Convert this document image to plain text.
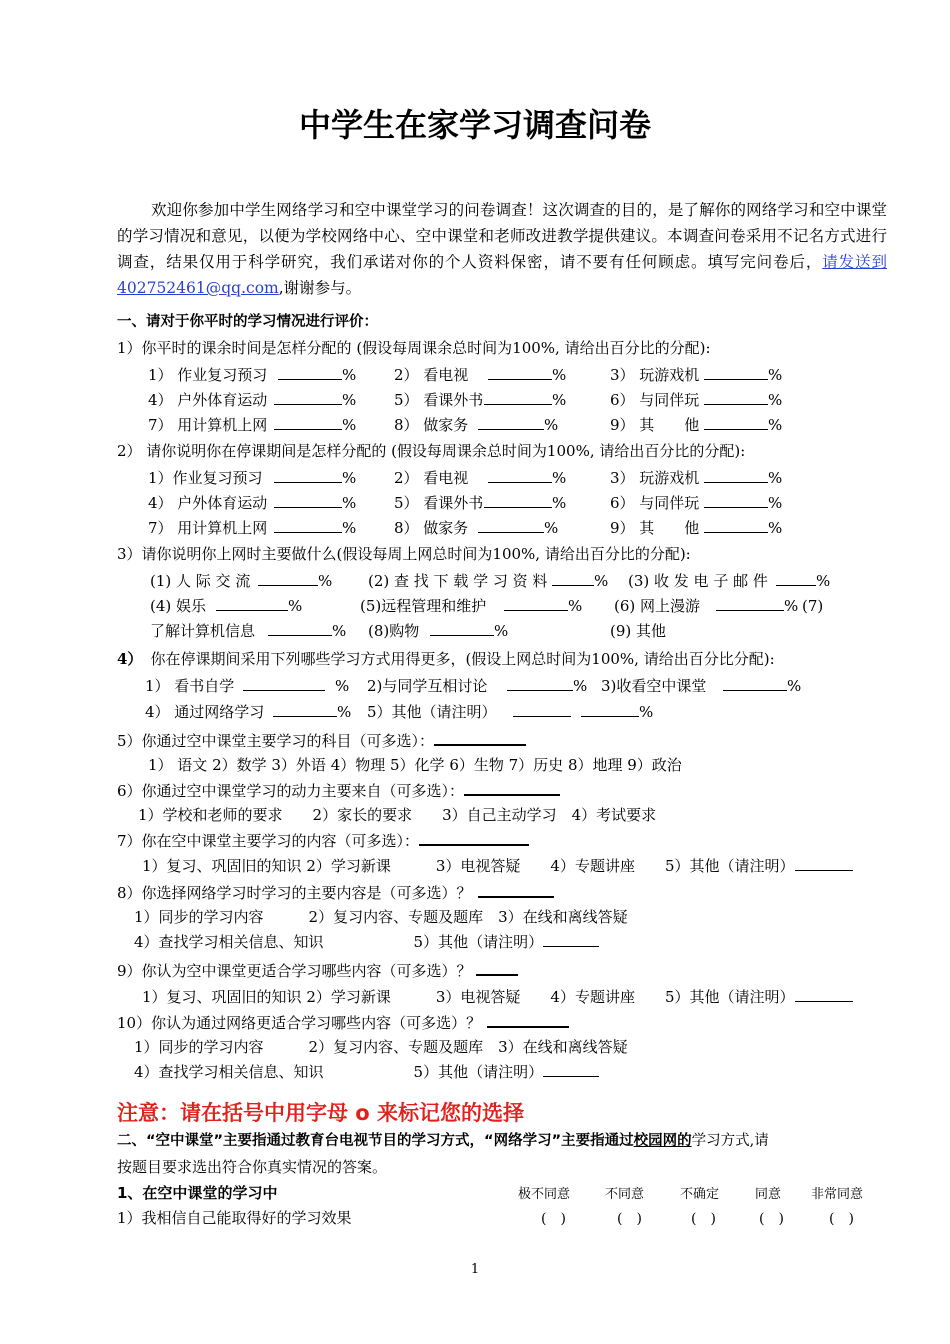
中学生在家学习调查问卷
欢迎你参加中学生网络学习和空中课堂学习的问卷调查！这次调查的目的，是了解你的网络学习和空中课堂的学习情况和意见，以便为学校网络中心、空中课堂和老师改进教学提供建议。本调查问卷采用不记名方式进行调查，结果仅用于科学研究，我们承诺对你的个人资料保密，请不要有任何顾虑。填写完问卷后，请发送到402752461@qq.com,谢谢参与。
一、请对于你平时的学习情况进行评价：
1）你平时的课余时间是怎样分配的 (假设每周课余总时间为100%, 请给出百分比的分配):
1） 作业复习预习	%	2） 看电视	%	3） 玩游戏机	%
4） 户外体育运动	%	5） 看课外书	%	6） 与同伴玩	%
7） 用计算机上网	%	8） 做家务	%	9） 其　　他	%
2） 请你说明你在停课期间是怎样分配的 (假设每周课余总时间为100%, 请给出百分比的分配):
1）作业复习预习	%	2） 看电视	%	3） 玩游戏机	%
4） 户外体育运动	%	5） 看课外书	%	6） 与同伴玩	%
7） 用计算机上网	%	8） 做家务	%	9） 其　　他	%
3）请你说明你上网时主要做什么(假设每周上网总时间为100%, 请给出百分比的分配):
(1) 人 际 交 流	% (2) 查 找 下 载 学 习 资 料	% (3) 收 发 电 子 邮 件	%
(4) 娱乐	%	(5)远程管理和维护	% (6) 网上漫游	% (7)
了解计算机信息	% (8)购物	%	(9) 其他
4） 你在停课期间采用下列哪些学习方式用得更多，(假设上网总时间为100%, 请给出百分比分配):
1） 看书自学	% 2)与同学互相讨论	% 3)收看空中课堂	%
4） 通过网络学习	% 5）其他（请注明）	%
5）你通过空中课堂主要学习的科目（可多选）：
1） 语文 2）数学 3）外语 4）物理 5）化学 6）生物 7）历史 8）地理 9）政治
6）你通过空中课堂学习的动力主要来自（可多选）：
1）学校和老师的要求　　2）家长的要求　　3）自己主动学习　4）考试要求
7）你在空中课堂主要学习的内容（可多选）：
1）复习、巩固旧的知识 2）学习新课　　　3）电视答疑　　4）专题讲座　　5）其他（请注明）
8）你选择网络学习时学习的主要内容是（可多选）？
1）同步的学习内容　　　2）复习内容、专题及题库　3）在线和离线答疑
4）查找学习相关信息、知识　　　　　　5）其他（请注明）
9）你认为空中课堂更适合学习哪些内容（可多选）？
1）复习、巩固旧的知识 2）学习新课　　　3）电视答疑　　4）专题讲座　　5）其他（请注明）
10）你认为通过网络更适合学习哪些内容（可多选）？
1）同步的学习内容　　　2）复习内容、专题及题库　3）在线和离线答疑
4）查找学习相关信息、知识　　　　　　5）其他（请注明）
注意：请在括号中用字母 o 来标记您的选择
二、“空中课堂”主要指通过教育台电视节目的学习方式，“网络学习”主要指通过校园网的学习方式,请
按题目要求选出符合你真实情况的答案。
1、在空中课堂的学习中	极不同意	不同意	不确定	同意 非常同意
1）我相信自己能取得好的学习效果	(　)	(　)	(　)	(　)	(　)
1
